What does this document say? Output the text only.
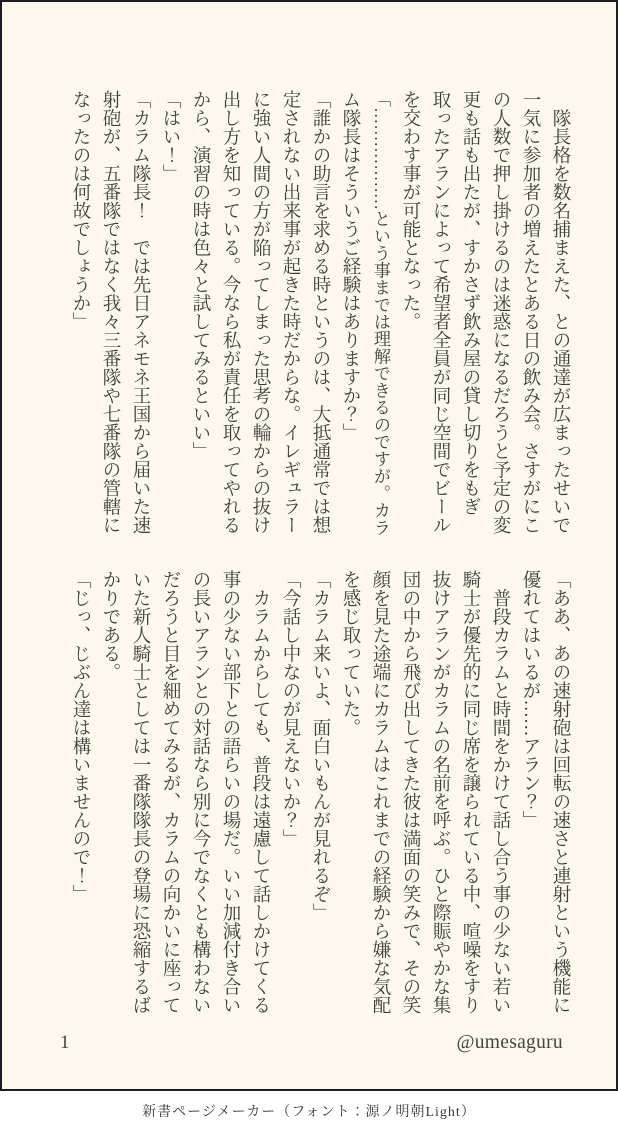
　隊長格を数名捕まえた、との通達が広まったせいで
一気に参加者の増えたとある日の飲み会。さすがにこ
の人数で押し掛けるのは迷惑になるだろうと予定の変
更も話も出たが、すかさず飲み屋の貸し切りをもぎ
取ったアランによって希望者全員が同じ空間でビール
を交わす事が可能となった。
「………………という事までは理解できるのですが。カラ
ム隊長はそういうご経験はありますか？」
「誰かの助言を求める時というのは、大抵通常では想
定されない出来事が起きた時だからな。イレギュラー
に強い人間の方が陥ってしまった思考の輪からの抜け
出し方を知っている。今なら私が責任を取ってやれる
から、演習の時は色々と試してみるといい」
「はい！」
「カラム隊長！　では先日アネモネ王国から届いた速
射砲が、五番隊ではなく我々三番隊や七番隊の管轄に
なったのは何故でしょうか」
「ああ、あの速射砲は回転の速さと連射という機能に
優れてはいるが……アラン？」
　普段カラムと時間をかけて話し合う事の少ない若い
騎士が優先的に同じ席を譲られている中、喧噪をすり
抜けアランがカラムの名前を呼ぶ。ひと際賑やかな集
団の中から飛び出してきた彼は満面の笑みで、その笑
顔を見た途端にカラムはこれまでの経験から嫌な気配
を感じ取っていた。
「カラム来いよ、面白いもんが見れるぞ」
「今話し中なのが見えないか？」
　カラムからしても、普段は遠慮して話しかけてくる
事の少ない部下との語らいの場だ。いい加減付き合い
の長いアランとの対話なら別に今でなくとも構わない
だろうと目を細めてみるが、カラムの向かいに座って
いた新人騎士としては一番隊隊長の登場に恐縮するば
かりである。
「じっ、じぶん達は構いませんので！」
1	@umesaguru
新書ページメーカー（フォント：源ノ明朝Light）
